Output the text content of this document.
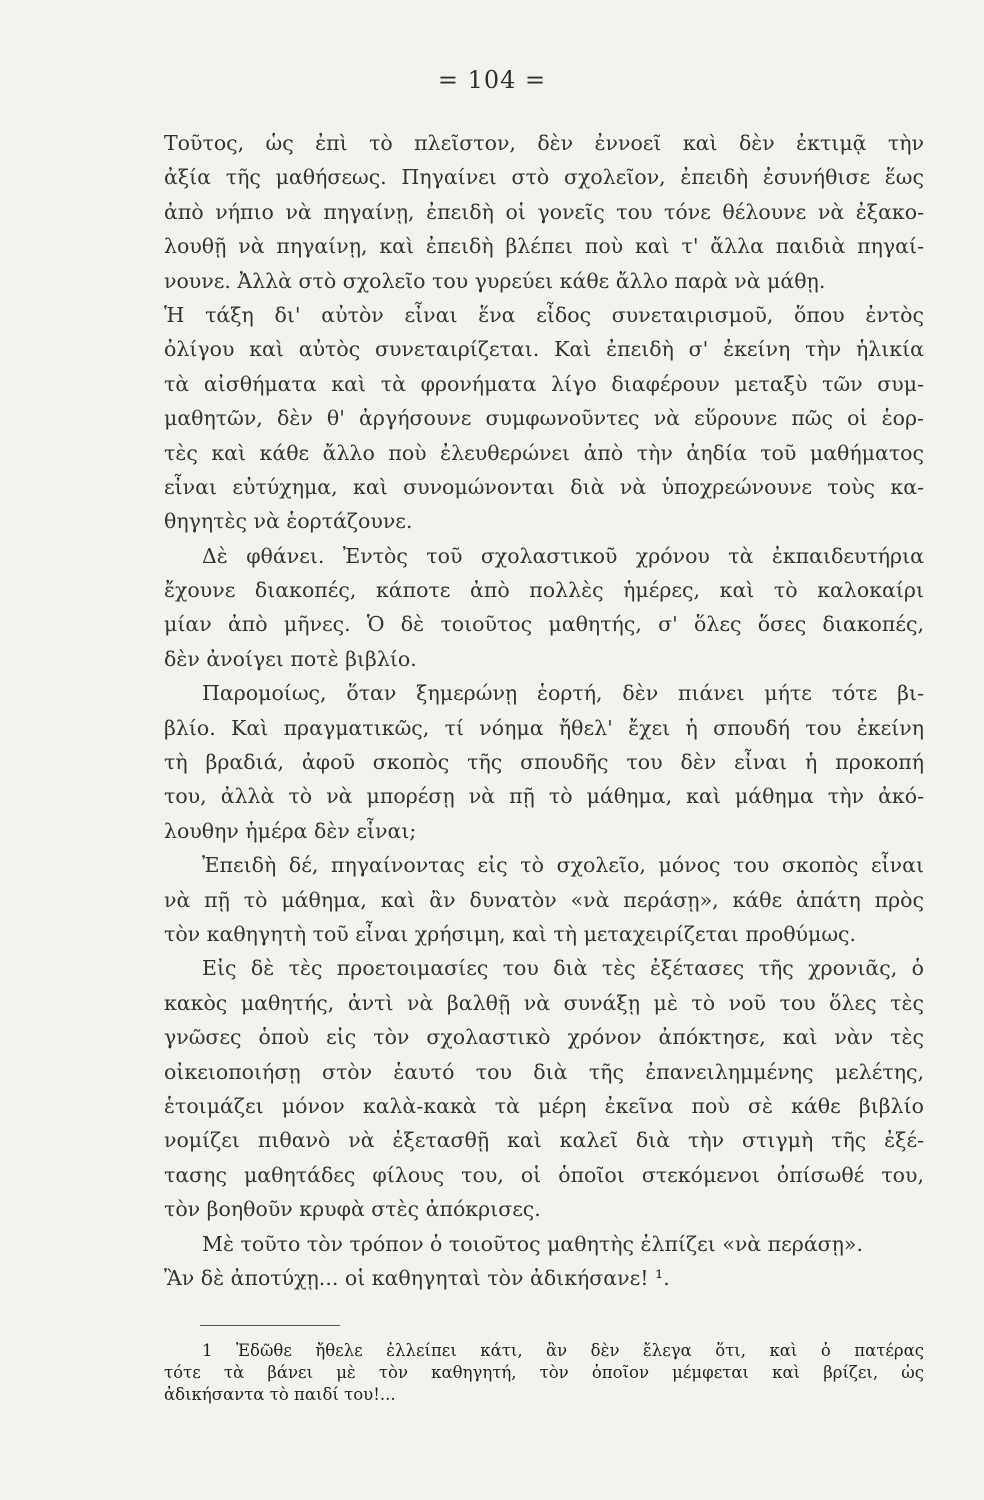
= 104 =
Τοῦτος, ὡς ἐπὶ τὸ πλεῖστον, δὲν ἐννοεῖ καὶ δὲν ἐκτιμᾷ τὴν
ἀξία τῆς μαθήσεως. Πηγαίνει στὸ σχολεῖον, ἐπειδὴ ἐσυνήθισε ἕως
ἀπὸ νήπιο νὰ πηγαίνῃ, ἐπειδὴ οἱ γονεῖς του τόνε θέλουνε νὰ ἐξακο-
λουθῇ νὰ πηγαίνῃ, καὶ ἐπειδὴ βλέπει ποὺ καὶ τ' ἄλλα παιδιὰ πηγαί-
νουνε. Ἀλλὰ στὸ σχολεῖο του γυρεύει κάθε ἄλλο παρὰ νὰ μάθῃ.
Ἡ τάξη δι' αὐτὸν εἶναι ἕνα εἶδος συνεταιρισμοῦ, ὅπου ἐντὸς
ὀλίγου καὶ αὐτὸς συνεταιρίζεται. Καὶ ἐπειδὴ σ' ἐκείνη τὴν ἡλικία
τὰ αἰσθήματα καὶ τὰ φρονήματα λίγο διαφέρουν μεταξὺ τῶν συμ-
μαθητῶν, δὲν θ' ἀργήσουνε συμφωνοῦντες νὰ εὕρουνε πῶς οἱ ἑορ-
τὲς καὶ κάθε ἄλλο ποὺ ἐλευθερώνει ἀπὸ τὴν ἀηδία τοῦ μαθήματος
εἶναι εὐτύχημα, καὶ συνομώνονται διὰ νὰ ὑποχρεώνουνε τοὺς κα-
θηγητὲς νὰ ἑορτάζουνε.
Δὲ φθάνει. Ἐντὸς τοῦ σχολαστικοῦ χρόνου τὰ ἐκπαιδευτήρια
ἔχουνε διακοπές, κάποτε ἀπὸ πολλὲς ἡμέρες, καὶ τὸ καλοκαίρι
μίαν ἀπὸ μῆνες. Ὁ δὲ τοιοῦτος μαθητής, σ' ὅλες ὅσες διακοπές,
δὲν ἀνοίγει ποτὲ βιβλίο.
Παρομοίως, ὅταν ξημερώνῃ ἑορτή, δὲν πιάνει μήτε τότε βι-
βλίο. Καὶ πραγματικῶς, τί νόημα ἤθελ' ἔχει ἡ σπουδή του ἐκείνη
τὴ βραδιά, ἀφοῦ σκοπὸς τῆς σπουδῆς του δὲν εἶναι ἡ προκοπή
του, ἀλλὰ τὸ νὰ μπορέσῃ νὰ πῇ τὸ μάθημα, καὶ μάθημα τὴν ἀκό-
λουθην ἡμέρα δὲν εἶναι;
Ἐπειδὴ δέ, πηγαίνοντας εἰς τὸ σχολεῖο, μόνος του σκοπὸς εἶναι
νὰ πῇ τὸ μάθημα, καὶ ἂν δυνατὸν «νὰ περάσῃ», κάθε ἀπάτη πρὸς
τὸν καθηγητὴ τοῦ εἶναι χρήσιμη, καὶ τὴ μεταχειρίζεται προθύμως.
Εἰς δὲ τὲς προετοιμασίες του διὰ τὲς ἐξέτασες τῆς χρονιᾶς, ὁ
κακὸς μαθητής, ἀντὶ νὰ βαλθῇ νὰ συνάξῃ μὲ τὸ νοῦ του ὅλες τὲς
γνῶσες ὁποὺ εἰς τὸν σχολαστικὸ χρόνον ἀπόκτησε, καὶ νὰν τὲς
οἰκειοποιήσῃ στὸν ἑαυτό του διὰ τῆς ἐπανειλημμένης μελέτης,
ἑτοιμάζει μόνον καλὰ-κακὰ τὰ μέρη ἐκεῖνα ποὺ σὲ κάθε βιβλίο
νομίζει πιθανὸ νὰ ἐξετασθῇ καὶ καλεῖ διὰ τὴν στιγμὴ τῆς ἐξέ-
τασης μαθητάδες φίλους του, οἱ ὁποῖοι στεκόμενοι ὀπίσωθέ του,
τὸν βοηθοῦν κρυφὰ στὲς ἀπόκρισες.
Μὲ τοῦτο τὸν τρόπον ὁ τοιοῦτος μαθητὴς ἐλπίζει «νὰ περάσῃ».
Ἂν δὲ ἀποτύχῃ... οἱ καθηγηταὶ τὸν ἀδικήσανε! ¹.
1 Ἐδῶθε ἤθελε ἐλλείπει κάτι, ἂν δὲν ἔλεγα ὅτι, καὶ ὁ πατέρας
τότε τὰ βάνει μὲ τὸν καθηγητή, τὸν ὁποῖον μέμφεται καὶ βρίζει, ὡς
ἀδικήσαντα τὸ παιδί του!...
